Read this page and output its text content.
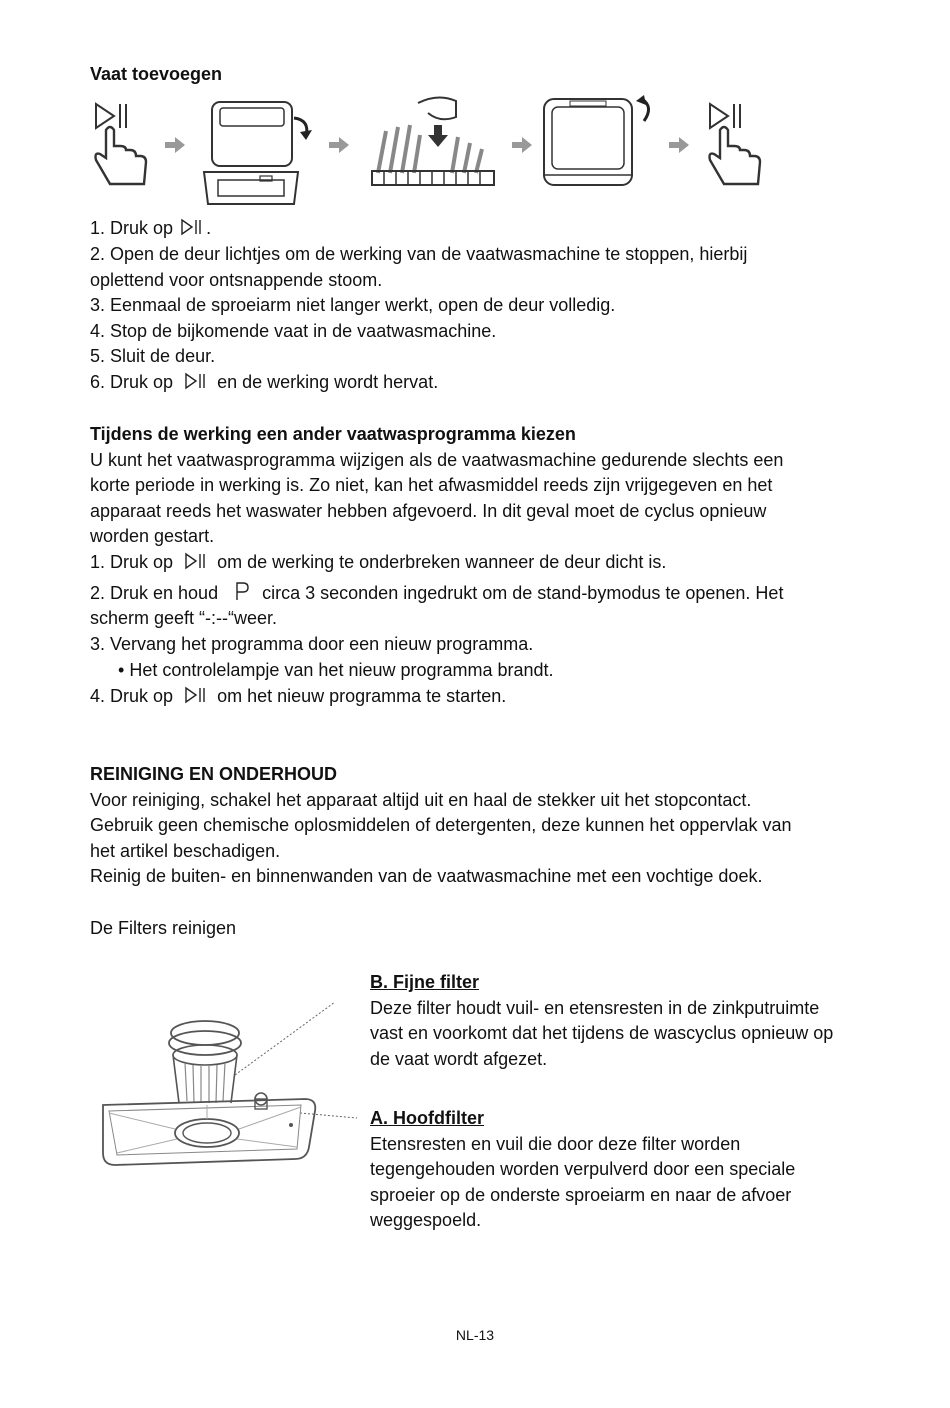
Vaat toevoegen
1. Druk op .
2. Open de deur lichtjes om de werking van de vaatwasmachine te stoppen, hierbij
oplettend voor ontsnappende stoom.
3. Eenmaal de sproeiarm niet langer werkt, open de deur volledig.
4. Stop de bijkomende vaat in de vaatwasmachine.
5. Sluit de deur.
6. Druk op en de werking wordt hervat.
Tijdens de werking een ander vaatwasprogramma kiezen
U kunt het vaatwasprogramma wijzigen als de vaatwasmachine gedurende slechts een
korte periode in werking is. Zo niet, kan het afwasmiddel reeds zijn vrijgegeven en het
apparaat reeds het waswater hebben afgevoerd. In dit geval moet de cyclus opnieuw
worden gestart.
1. Druk op om de werking te onderbreken wanneer de deur dicht is.
2. Druk en houd circa 3 seconden ingedrukt om de stand-bymodus te openen. Het
scherm geeft “-:--“weer.
3. Vervang het programma door een nieuw programma.
• Het controlelampje van het nieuw programma brandt.
4. Druk op om het nieuw programma te starten.
REINIGING EN ONDERHOUD
Voor reiniging, schakel het apparaat altijd uit en haal de stekker uit het stopcontact.
Gebruik geen chemische oplosmiddelen of detergenten, deze kunnen het oppervlak van
het artikel beschadigen.
Reinig de buiten- en binnenwanden van de vaatwasmachine met een vochtige doek.
De Filters reinigen
B. Fijne filter
Deze filter houdt vuil- en etensresten in de zinkputruimte
vast en voorkomt dat het tijdens de wascyclus opnieuw op
de vaat wordt afgezet.
A. Hoofdfilter
Etensresten en vuil die door deze filter worden
tegengehouden worden verpulverd door een speciale
sproeier op de onderste sproeiarm en naar de afvoer
weggespoeld.
NL-13
